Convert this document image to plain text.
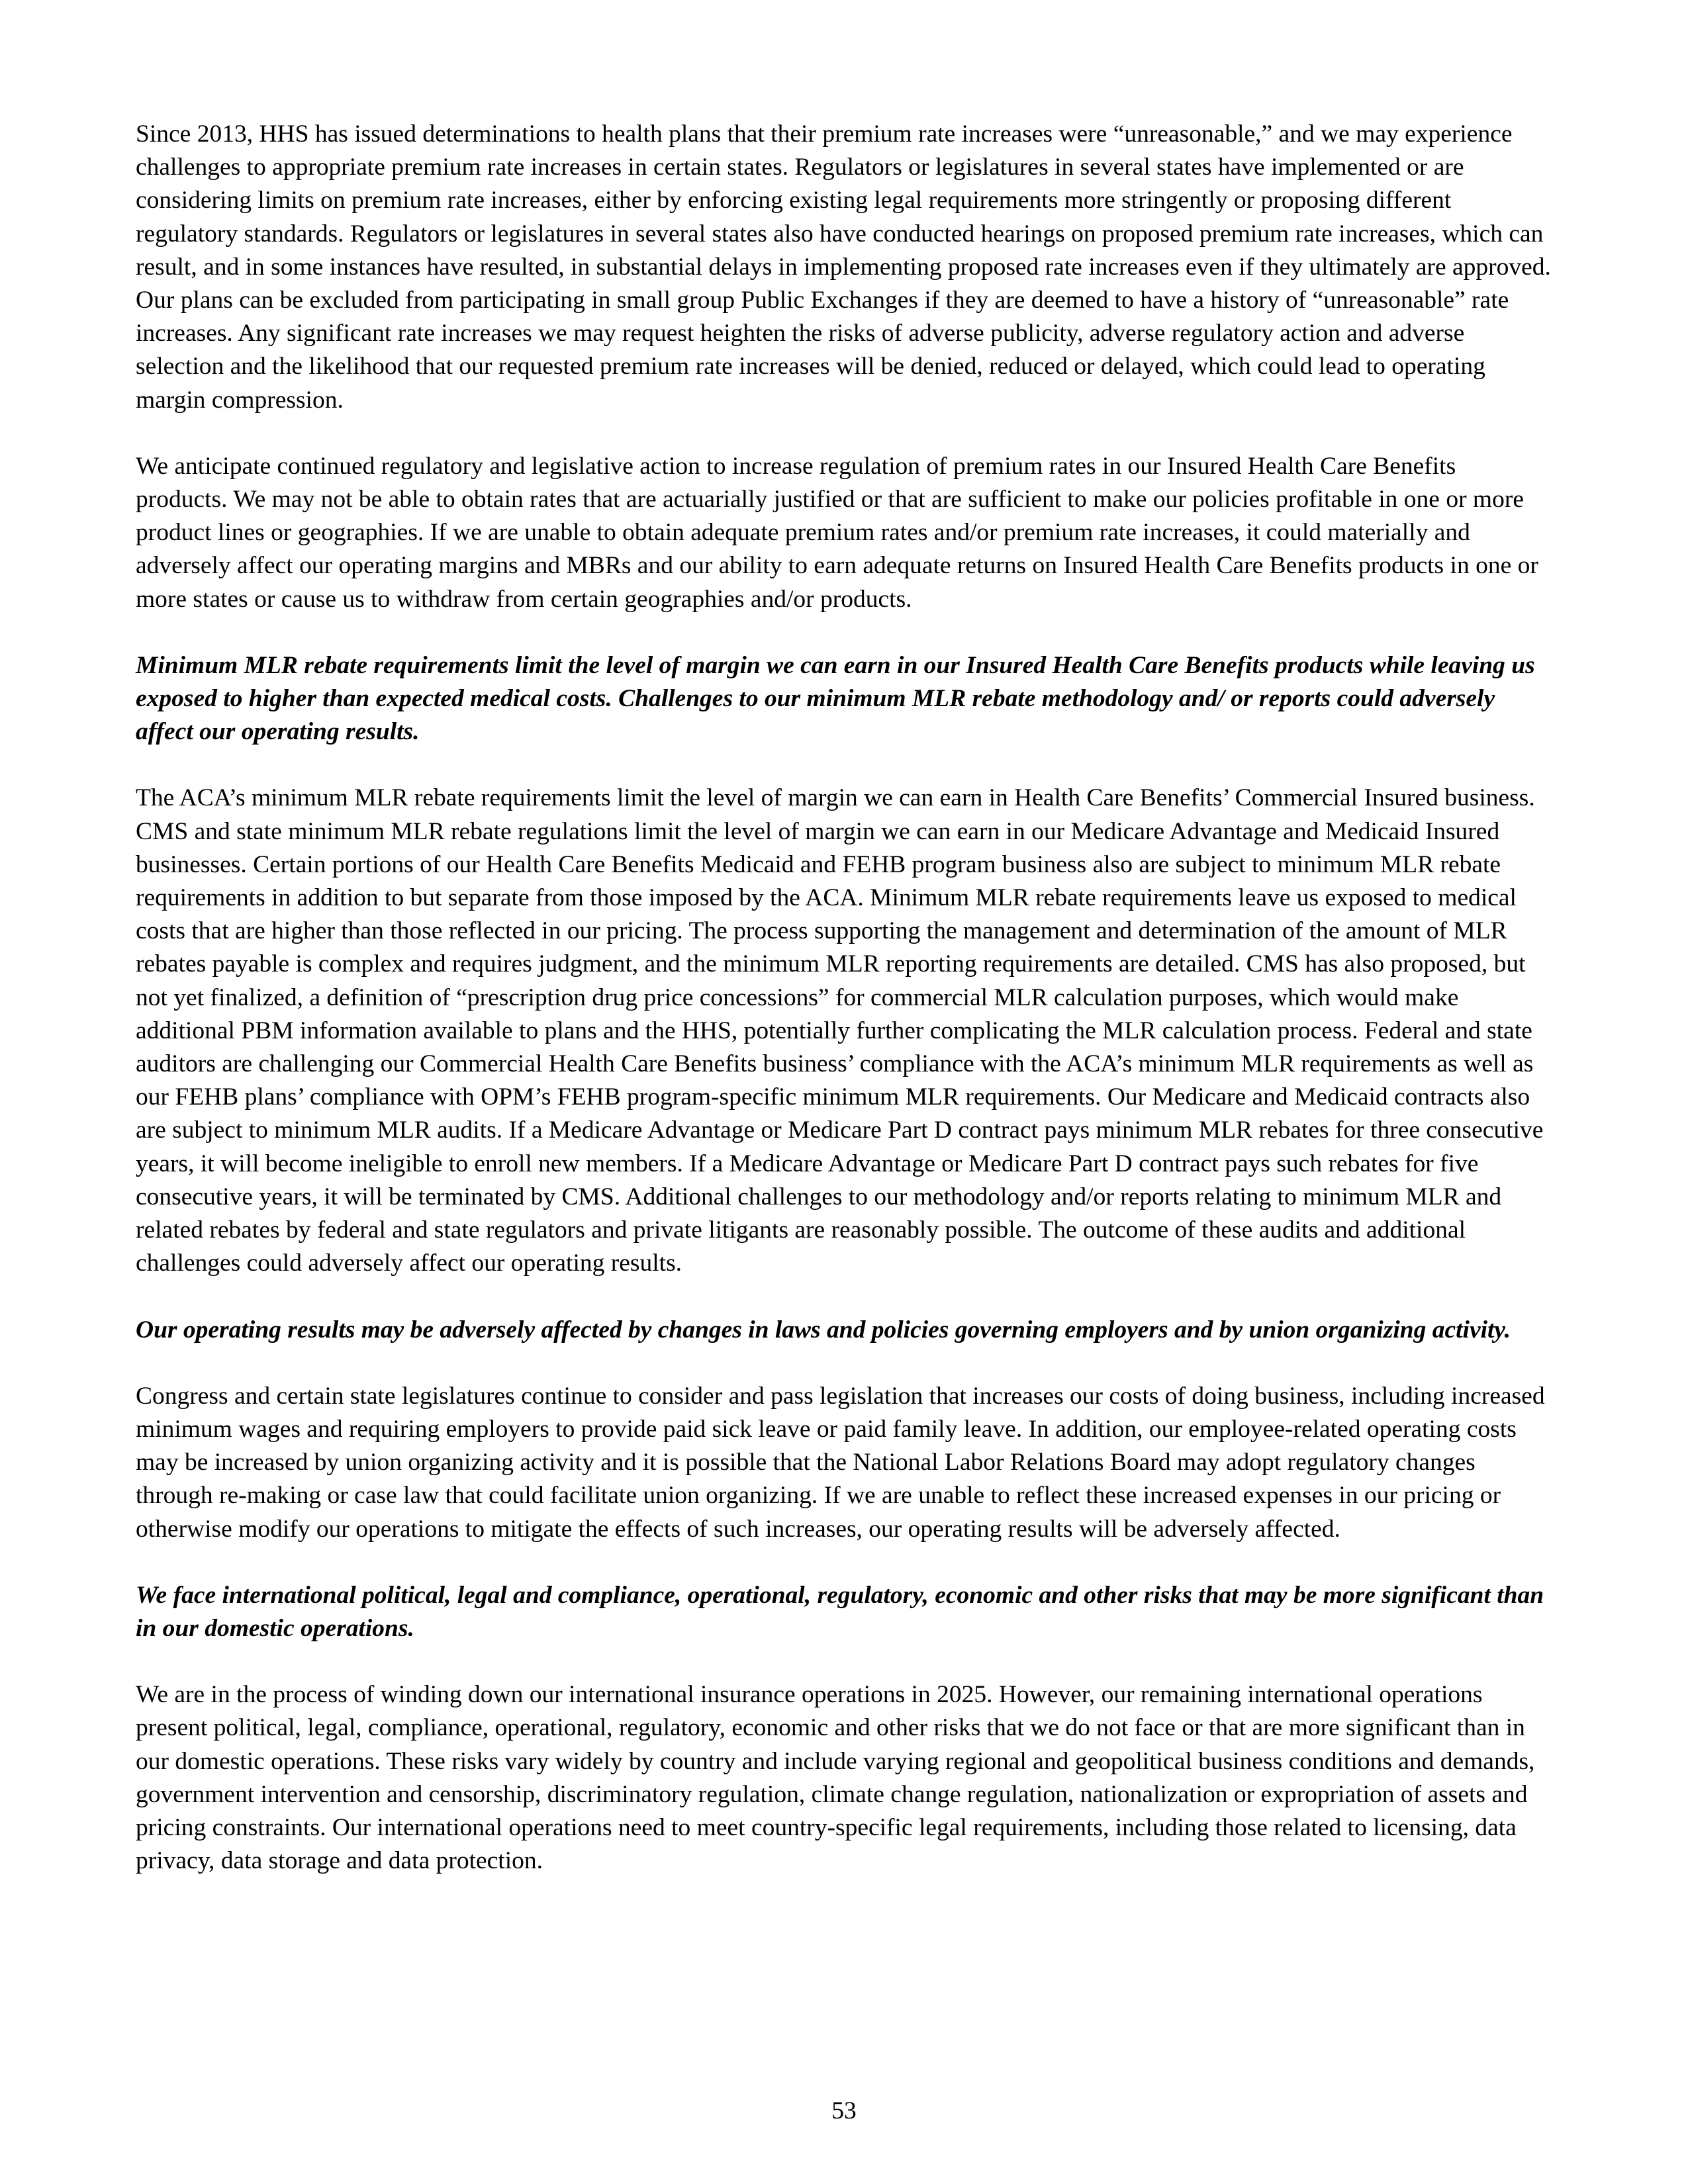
Since 2013, HHS has issued determinations to health plans that their premium rate increases were “unreasonable,” and we may experience challenges to appropriate premium rate increases in certain states. Regulators or legislatures in several states have implemented or are considering limits on premium rate increases, either by enforcing existing legal requirements more stringently or proposing different regulatory standards. Regulators or legislatures in several states also have conducted hearings on proposed premium rate increases, which can result, and in some instances have resulted, in substantial delays in implementing proposed rate increases even if they ultimately are approved. Our plans can be excluded from participating in small group Public Exchanges if they are deemed to have a history of “unreasonable” rate increases. Any significant rate increases we may request heighten the risks of adverse publicity, adverse regulatory action and adverse selection and the likelihood that our requested premium rate increases will be denied, reduced or delayed, which could lead to operating margin compression.

We anticipate continued regulatory and legislative action to increase regulation of premium rates in our Insured Health Care Benefits products. We may not be able to obtain rates that are actuarially justified or that are sufficient to make our policies profitable in one or more product lines or geographies. If we are unable to obtain adequate premium rates and/or premium rate increases, it could materially and adversely affect our operating margins and MBRs and our ability to earn adequate returns on Insured Health Care Benefits products in one or more states or cause us to withdraw from certain geographies and/or products.

Minimum MLR rebate requirements limit the level of margin we can earn in our Insured Health Care Benefits products while leaving us exposed to higher than expected medical costs. Challenges to our minimum MLR rebate methodology and/ or reports could adversely affect our operating results.

The ACA’s minimum MLR rebate requirements limit the level of margin we can earn in Health Care Benefits’ Commercial Insured business. CMS and state minimum MLR rebate regulations limit the level of margin we can earn in our Medicare Advantage and Medicaid Insured businesses. Certain portions of our Health Care Benefits Medicaid and FEHB program business also are subject to minimum MLR rebate requirements in addition to but separate from those imposed by the ACA. Minimum MLR rebate requirements leave us exposed to medical costs that are higher than those reflected in our pricing. The process supporting the management and determination of the amount of MLR rebates payable is complex and requires judgment, and the minimum MLR reporting requirements are detailed. CMS has also proposed, but not yet finalized, a definition of “prescription drug price concessions” for commercial MLR calculation purposes, which would make additional PBM information available to plans and the HHS, potentially further complicating the MLR calculation process. Federal and state auditors are challenging our Commercial Health Care Benefits business’ compliance with the ACA’s minimum MLR requirements as well as our FEHB plans’ compliance with OPM’s FEHB program-specific minimum MLR requirements. Our Medicare and Medicaid contracts also are subject to minimum MLR audits. If a Medicare Advantage or Medicare Part D contract pays minimum MLR rebates for three consecutive years, it will become ineligible to enroll new members. If a Medicare Advantage or Medicare Part D contract pays such rebates for five consecutive years, it will be terminated by CMS. Additional challenges to our methodology and/or reports relating to minimum MLR and related rebates by federal and state regulators and private litigants are reasonably possible. The outcome of these audits and additional challenges could adversely affect our operating results.

Our operating results may be adversely affected by changes in laws and policies governing employers and by union organizing activity.

Congress and certain state legislatures continue to consider and pass legislation that increases our costs of doing business, including increased minimum wages and requiring employers to provide paid sick leave or paid family leave. In addition, our employee-related operating costs may be increased by union organizing activity and it is possible that the National Labor Relations Board may adopt regulatory changes through re-making or case law that could facilitate union organizing. If we are unable to reflect these increased expenses in our pricing or otherwise modify our operations to mitigate the effects of such increases, our operating results will be adversely affected.

We face international political, legal and compliance, operational, regulatory, economic and other risks that may be more significant than in our domestic operations.

We are in the process of winding down our international insurance operations in 2025. However, our remaining international operations present political, legal, compliance, operational, regulatory, economic and other risks that we do not face or that are more significant than in our domestic operations. These risks vary widely by country and include varying regional and geopolitical business conditions and demands, government intervention and censorship, discriminatory regulation, climate change regulation, nationalization or expropriation of assets and pricing constraints. Our international operations need to meet country-specific legal requirements, including those related to licensing, data privacy, data storage and data protection.

53
